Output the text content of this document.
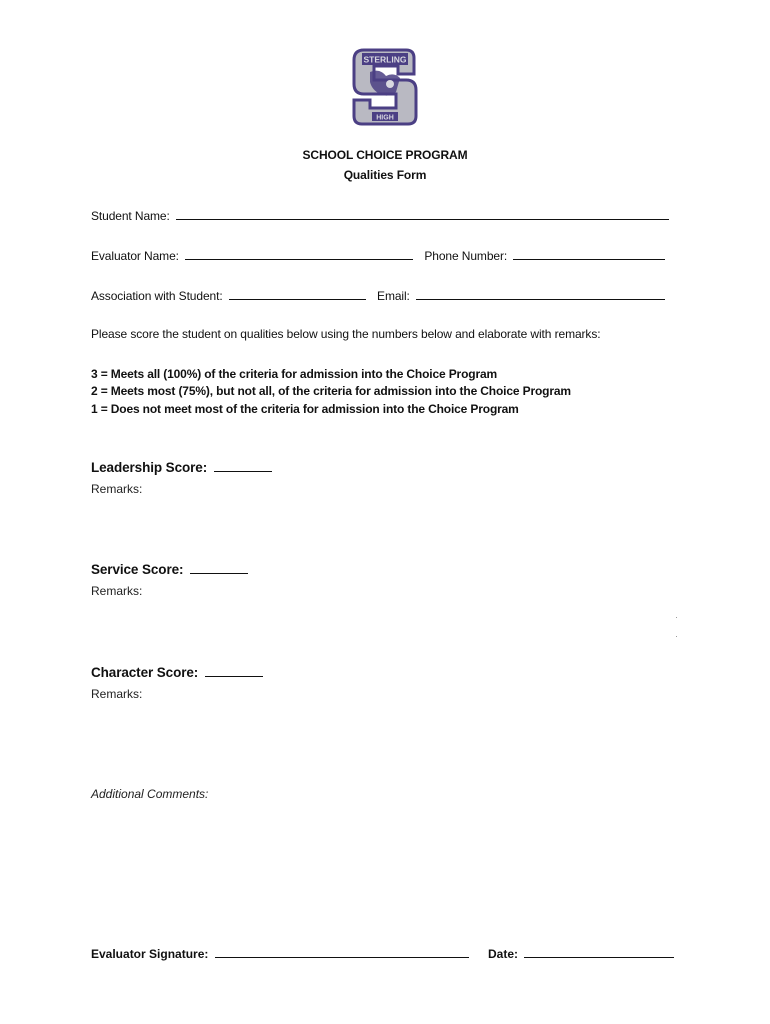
STERLING
HIGH
SCHOOL CHOICE PROGRAM
Qualities Form
Student Name:
Evaluator Name:	Phone Number:
Association with Student:	Email:
Please score the student on qualities below using the numbers below and elaborate with remarks:
3 = Meets all (100%) of the criteria for admission into the Choice Program
2 = Meets most (75%), but not all, of the criteria for admission into the Choice Program
1 = Does not meet most of the criteria for admission into the Choice Program
Leadership Score:
Remarks:
Service Score:
Remarks:
Character Score:
Remarks:
Additional Comments:
Evaluator Signature:	Date:
